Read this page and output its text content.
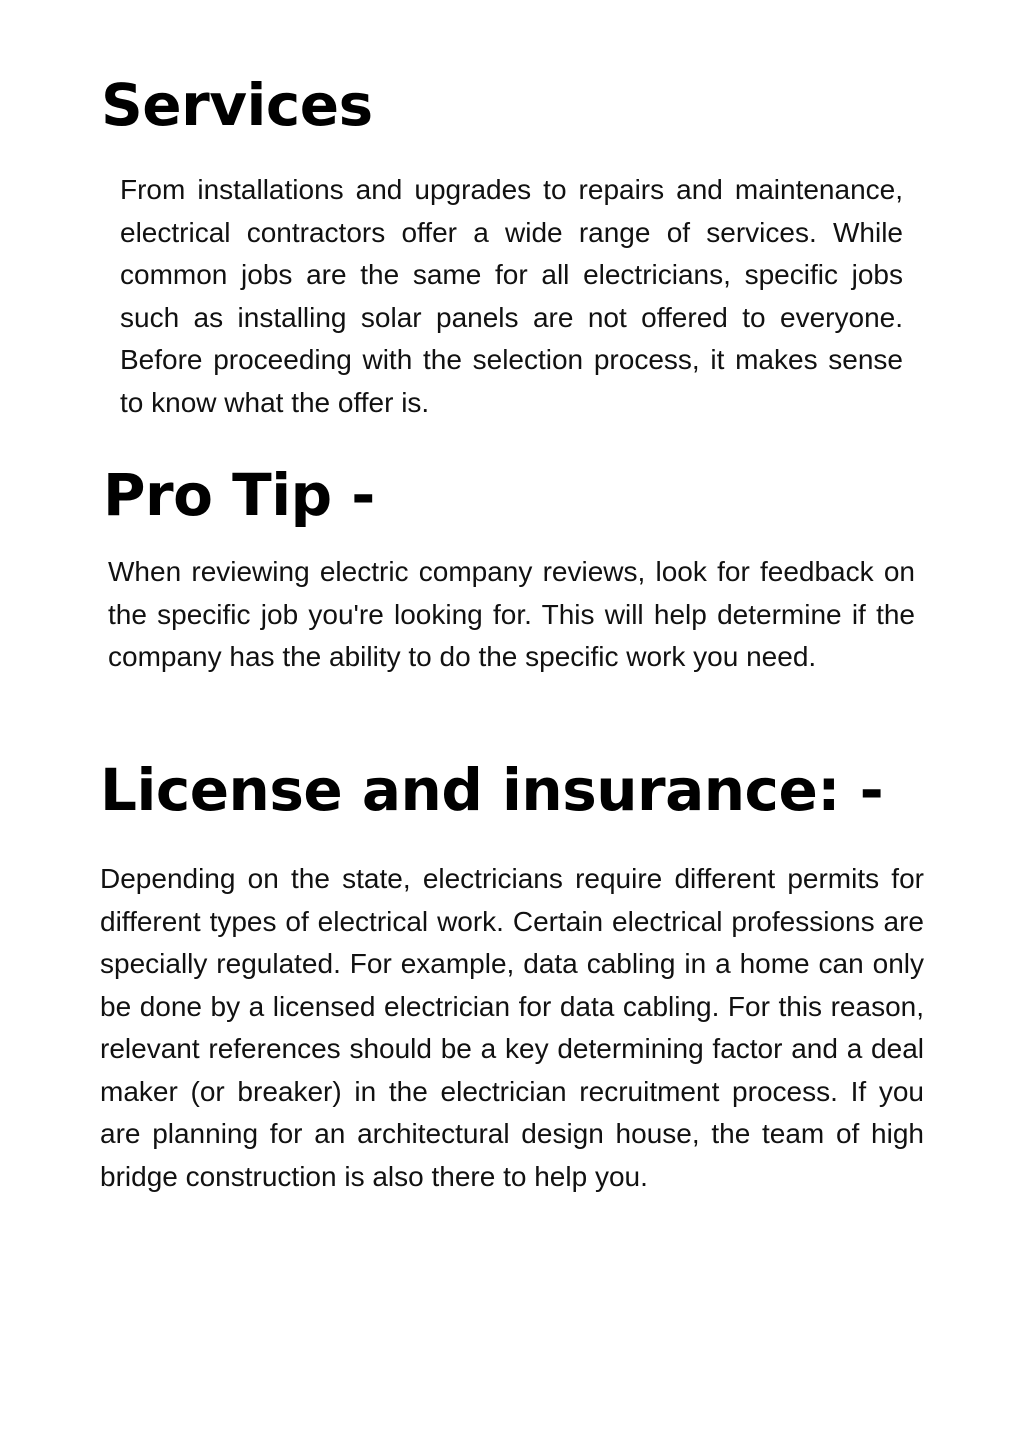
Services

From installations and upgrades to repairs and maintenance, electrical contractors offer a wide range of services. While common jobs are the same for all electricians, specific jobs such as installing solar panels are not offered to everyone. Before proceeding with the selection process, it makes sense to know what the offer is.

Pro Tip -

When reviewing electric company reviews, look for feedback on the specific job you're looking for. This will help determine if the company has the ability to do the specific work you need.

License and insurance: -

Depending on the state, electricians require different permits for different types of electrical work. Certain electrical professions are specially regulated. For example, data cabling in a home can only be done by a licensed electrician for data cabling. For this reason, relevant references should be a key determining factor and a deal maker (or breaker) in the electrician recruitment process. If you are planning for an architectural design house, the team of high bridge construction is also there to help you.
